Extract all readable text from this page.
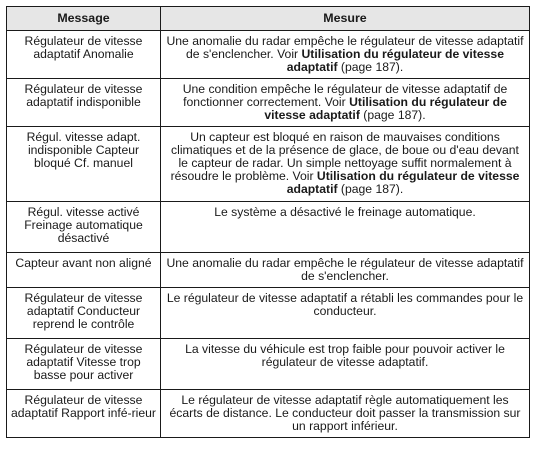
Message	Mesure
Régulateur de vitesse adaptatif Anomalie	Une anomalie du radar empêche le régulateur de vitesse adaptatif de s'enclencher. Voir Utilisation du régulateur de vitesse adaptatif (page 187).
Régulateur de vitesse adaptatif indisponible	Une condition empêche le régulateur de vitesse adaptatif de fonctionner correctement. Voir Utilisation du régulateur de vitesse adaptatif (page 187).
Régul. vitesse adapt. indisponible Capteur bloqué Cf. manuel	Un capteur est bloqué en raison de mauvaises conditions climatiques et de la présence de glace, de boue ou d'eau devant le capteur de radar. Un simple nettoyage suffit normalement à résoudre le problème. Voir Utilisation du régulateur de vitesse adaptatif (page 187).
Régul. vitesse activé Freinage automatique désactivé	Le système a désactivé le freinage automatique.
Capteur avant non aligné	Une anomalie du radar empêche le régulateur de vitesse adaptatif de s'enclencher.
Régulateur de vitesse adaptatif Conducteur reprend le contrôle	Le régulateur de vitesse adaptatif a rétabli les commandes pour le conducteur.
Régulateur de vitesse adaptatif Vitesse trop basse pour activer	La vitesse du véhicule est trop faible pour pouvoir activer le régulateur de vitesse adaptatif.
Régulateur de vitesse adaptatif Rapport infé-rieur	Le régulateur de vitesse adaptatif règle automatiquement les écarts de distance. Le conducteur doit passer la transmission sur un rapport inférieur.
